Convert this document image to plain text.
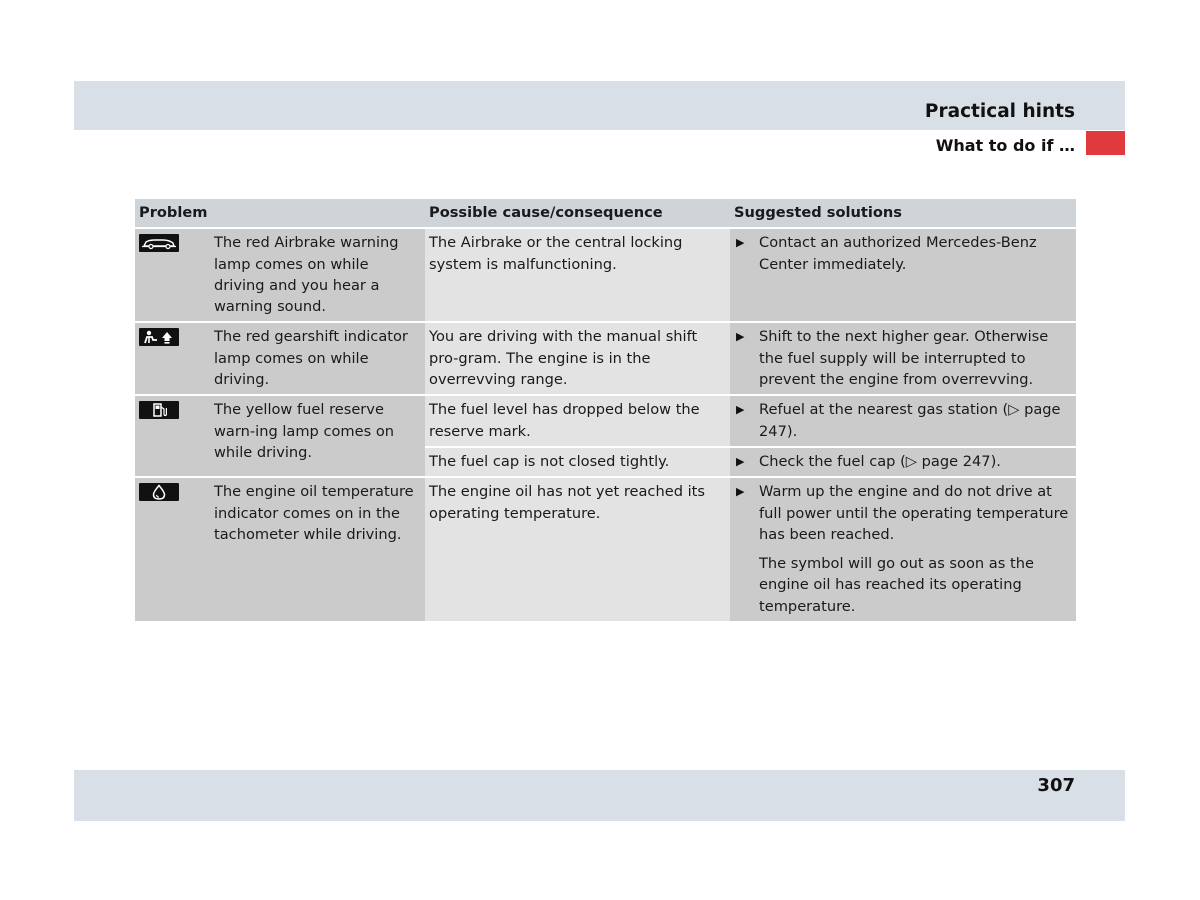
Practical hints
What to do if …
Problem		Possible cause/consequence	Suggested solutions

	The red Airbrake warning lamp comes on while driving and you hear a warning sound.	The Airbrake or the central locking system is malfunctioning.	▶ Contact an authorized Mercedes-Benz Center immediately.

	The red gearshift indicator lamp comes on while driving.	You are driving with the manual shift pro-gram. The engine is in the overrevving range.	▶ Shift to the next higher gear. Otherwise the fuel supply will be interrupted to prevent the engine from overrevving.

	The yellow fuel reserve warn-ing lamp comes on while driving.	The fuel level has dropped below the reserve mark.	▶ Refuel at the nearest gas station (▷ page 247).

		The fuel cap is not closed tightly.	▶ Check the fuel cap (▷ page 247).

	The engine oil temperature indicator comes on in the tachometer while driving.	The engine oil has not yet reached its operating temperature.	▶ Warm up the engine and do not drive at full power until the operating temperature has been reached.
The symbol will go out as soon as the engine oil has reached its operating temperature.
307
